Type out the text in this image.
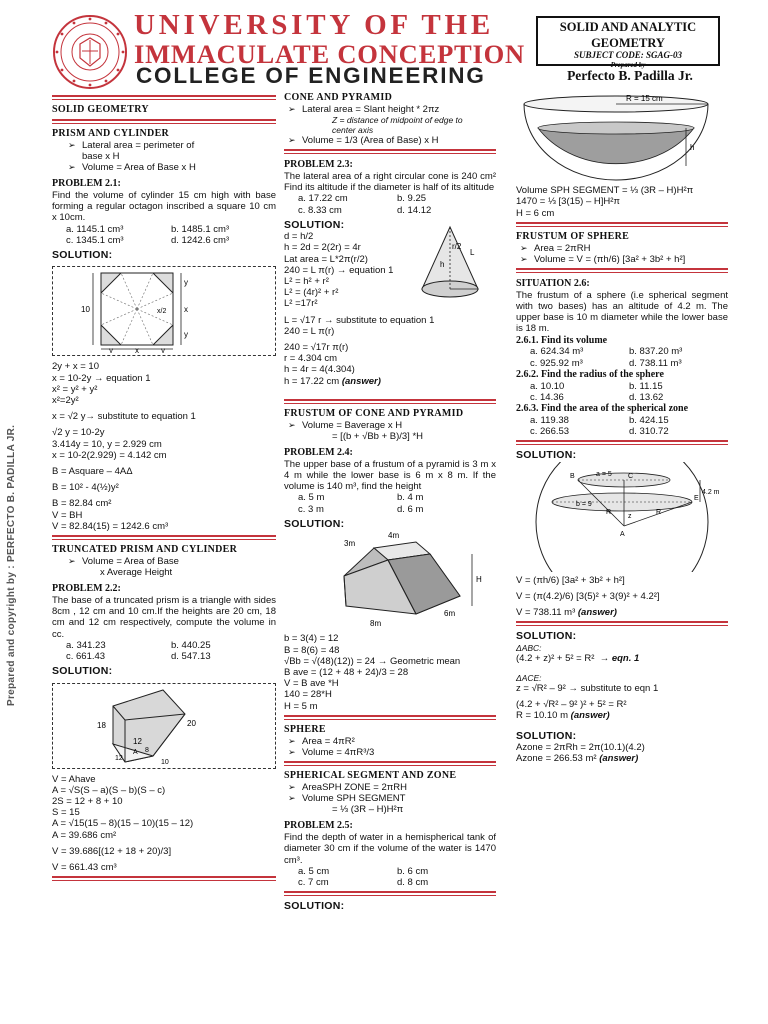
UNIVERSITY OF THE
IMMACULATE CONCEPTION
COLLEGE OF ENGINEERING
SOLID AND ANALYTIC
GEOMETRY
SUBJECT CODE: SGAG-03
Prepared by
Perfecto B. Padilla Jr.
Prepared and copyright by : PERFECTO B. PADILLA JR.
SOLID GEOMETRY
PRISM AND CYLINDER
➢ Lateral area = perimeter of
base x H
➢ Volume = Area of Base x H
PROBLEM 2.1:
Find the volume of cylinder 15 cm high with base forming a regular octagon inscribed a square 10 cm x 10cm.
a. 1145.1 cm³	b. 1485.1 cm³
c. 1345.1 cm³	d. 1242.6 cm³
SOLUTION:
10
y
x
y
y	x	y
x/2
2y + x = 10
x = 10-2y → equation 1
x² = y² + y²
x²=2y²
x = √2 y→ substitute to equation 1
√2 y = 10-2y
3.414y = 10, y = 2.929 cm
x = 10-2(2.929) = 4.142 cm
B = Asquare – 4AΔ
B = 10² - 4(½)y²
B = 82.84 cm²
V = BH
V = 82.84(15) = 1242.6 cm³
TRUNCATED PRISM AND CYLINDER
➢ Volume = Area of Base
x Average Height
PROBLEM 2.2:
The base of a truncated prism is a triangle with sides 8cm , 12 cm and 10 cm.If the heights are 20 cm, 18 cm and 12 cm respectively, compute the volume in cc.
a. 341.23	b. 440.25
c. 661.43	d. 547.13
SOLUTION:
18	20
12
12
8
A
10
V = Ahave
A = √S(S – a)(S – b)(S – c)
2S = 12 + 8 + 10
S = 15
A = √15(15 – 8)(15 – 10)(15 – 12)
A = 39.686 cm²
V = 39.686[(12 + 18 + 20)/3]
V = 661.43 cm³
CONE AND PYRAMID
➢ Lateral area = Slant height * 2πz
Z = distance of midpoint of edge to
center axis
➢ Volume = 1/3 (Area of Base) x H
PROBLEM 2.3:
The lateral area of a right circular cone is 240 cm² Find its altitude if the diameter is half of its altitude
a. 17.22 cm	b. 9.25
c. 8.33 cm	d. 14.12
r/2
L
h
SOLUTION:
d = h/2
h = 2d = 2(2r) = 4r
Lat area = L*2π(r/2)
240 = L π(r) → equation 1
L² = h² + r²
L² = (4r)² + r²
L² =17r²
L = √17 r → substitute to equation 1
240 = L π(r)
240 = √17r π(r)
r = 4.304 cm
h = 4r = 4(4.304)
h = 17.22 cm (answer)
FRUSTUM OF CONE AND PYRAMID
➢ Volume = Baverage x H
= [(b + √Bb + B)/3] *H
PROBLEM 2.4:
The upper base of a frustum of a pyramid is 3 m x 4 m while the lower base is 6 m x 8 m. If the volume is 140 m³, find the height
a. 5 m	b. 4 m
c. 3 m	d. 6 m
SOLUTION:
3m
4m
H
8m
6m
b = 3(4) = 12
B = 8(6) = 48
√Bb = √(48)(12)) = 24 → Geometric mean
B ave = (12 + 48 + 24)/3 = 28
V = B ave *H
140 = 28*H
H = 5 m
SPHERE
➢ Area = 4πR²
➢ Volume = 4πR³/3
SPHERICAL SEGMENT AND ZONE
➢ AreaSPH ZONE = 2πRH
➢ Volume SPH SEGMENT
= ⅓ (3R – H)H²π
PROBLEM 2.5:
Find the depth of water in a hemispherical tank of diameter 30 cm if the volume of the water is 1470 cm³.
a. 5 cm	b. 6 cm
c. 7 cm	d. 8 cm
SOLUTION:
R = 15 cm
h
Volume SPH SEGMENT = ⅓ (3R – H)H²π
1470 = ⅓ [3(15) – H]H²π
H = 6 cm
FRUSTUM OF SPHERE
➢ Area = 2πRH
➢ Volume = V = (πh/6) [3a² + 3b² + h²]
SITUATION 2.6:
The frustum of a sphere (i.e spherical segment with two bases) has an altitude of 4.2 m. The upper base is 10 m diameter while the lower base is 18 m.
2.6.1. Find its volume
a. 624.34 m³	b. 837.20 m³
c. 925.92 m³	d. 738.11 m³
2.6.2. Find the radius of the sphere
a. 10.10	b. 11.15
c. 14.36	d. 13.62
2.6.3. Find the area of the spherical zone
a. 119.38	b. 424.15
c. 266.53	d. 310.72
SOLUTION:
a = 5
b = 9
4.2 m
R	R
z
B	C
E
A
V = (πh/6) [3a² + 3b² + h²]
V = (π(4.2)/6) [3(5)² + 3(9)² + 4.2²]
V = 738.11 m³ (answer)
SOLUTION:
ΔABC:
(4.2 + z)² + 5² = R² → eqn. 1
ΔACE:
z = √R² – 9² → substitute to eqn 1
(4.2 + √R² – 9² )² + 5² = R²
R = 10.10 m (answer)
SOLUTION:
Azone = 2πRh = 2π(10.1)(4.2)
Azone = 266.53 m² (answer)
